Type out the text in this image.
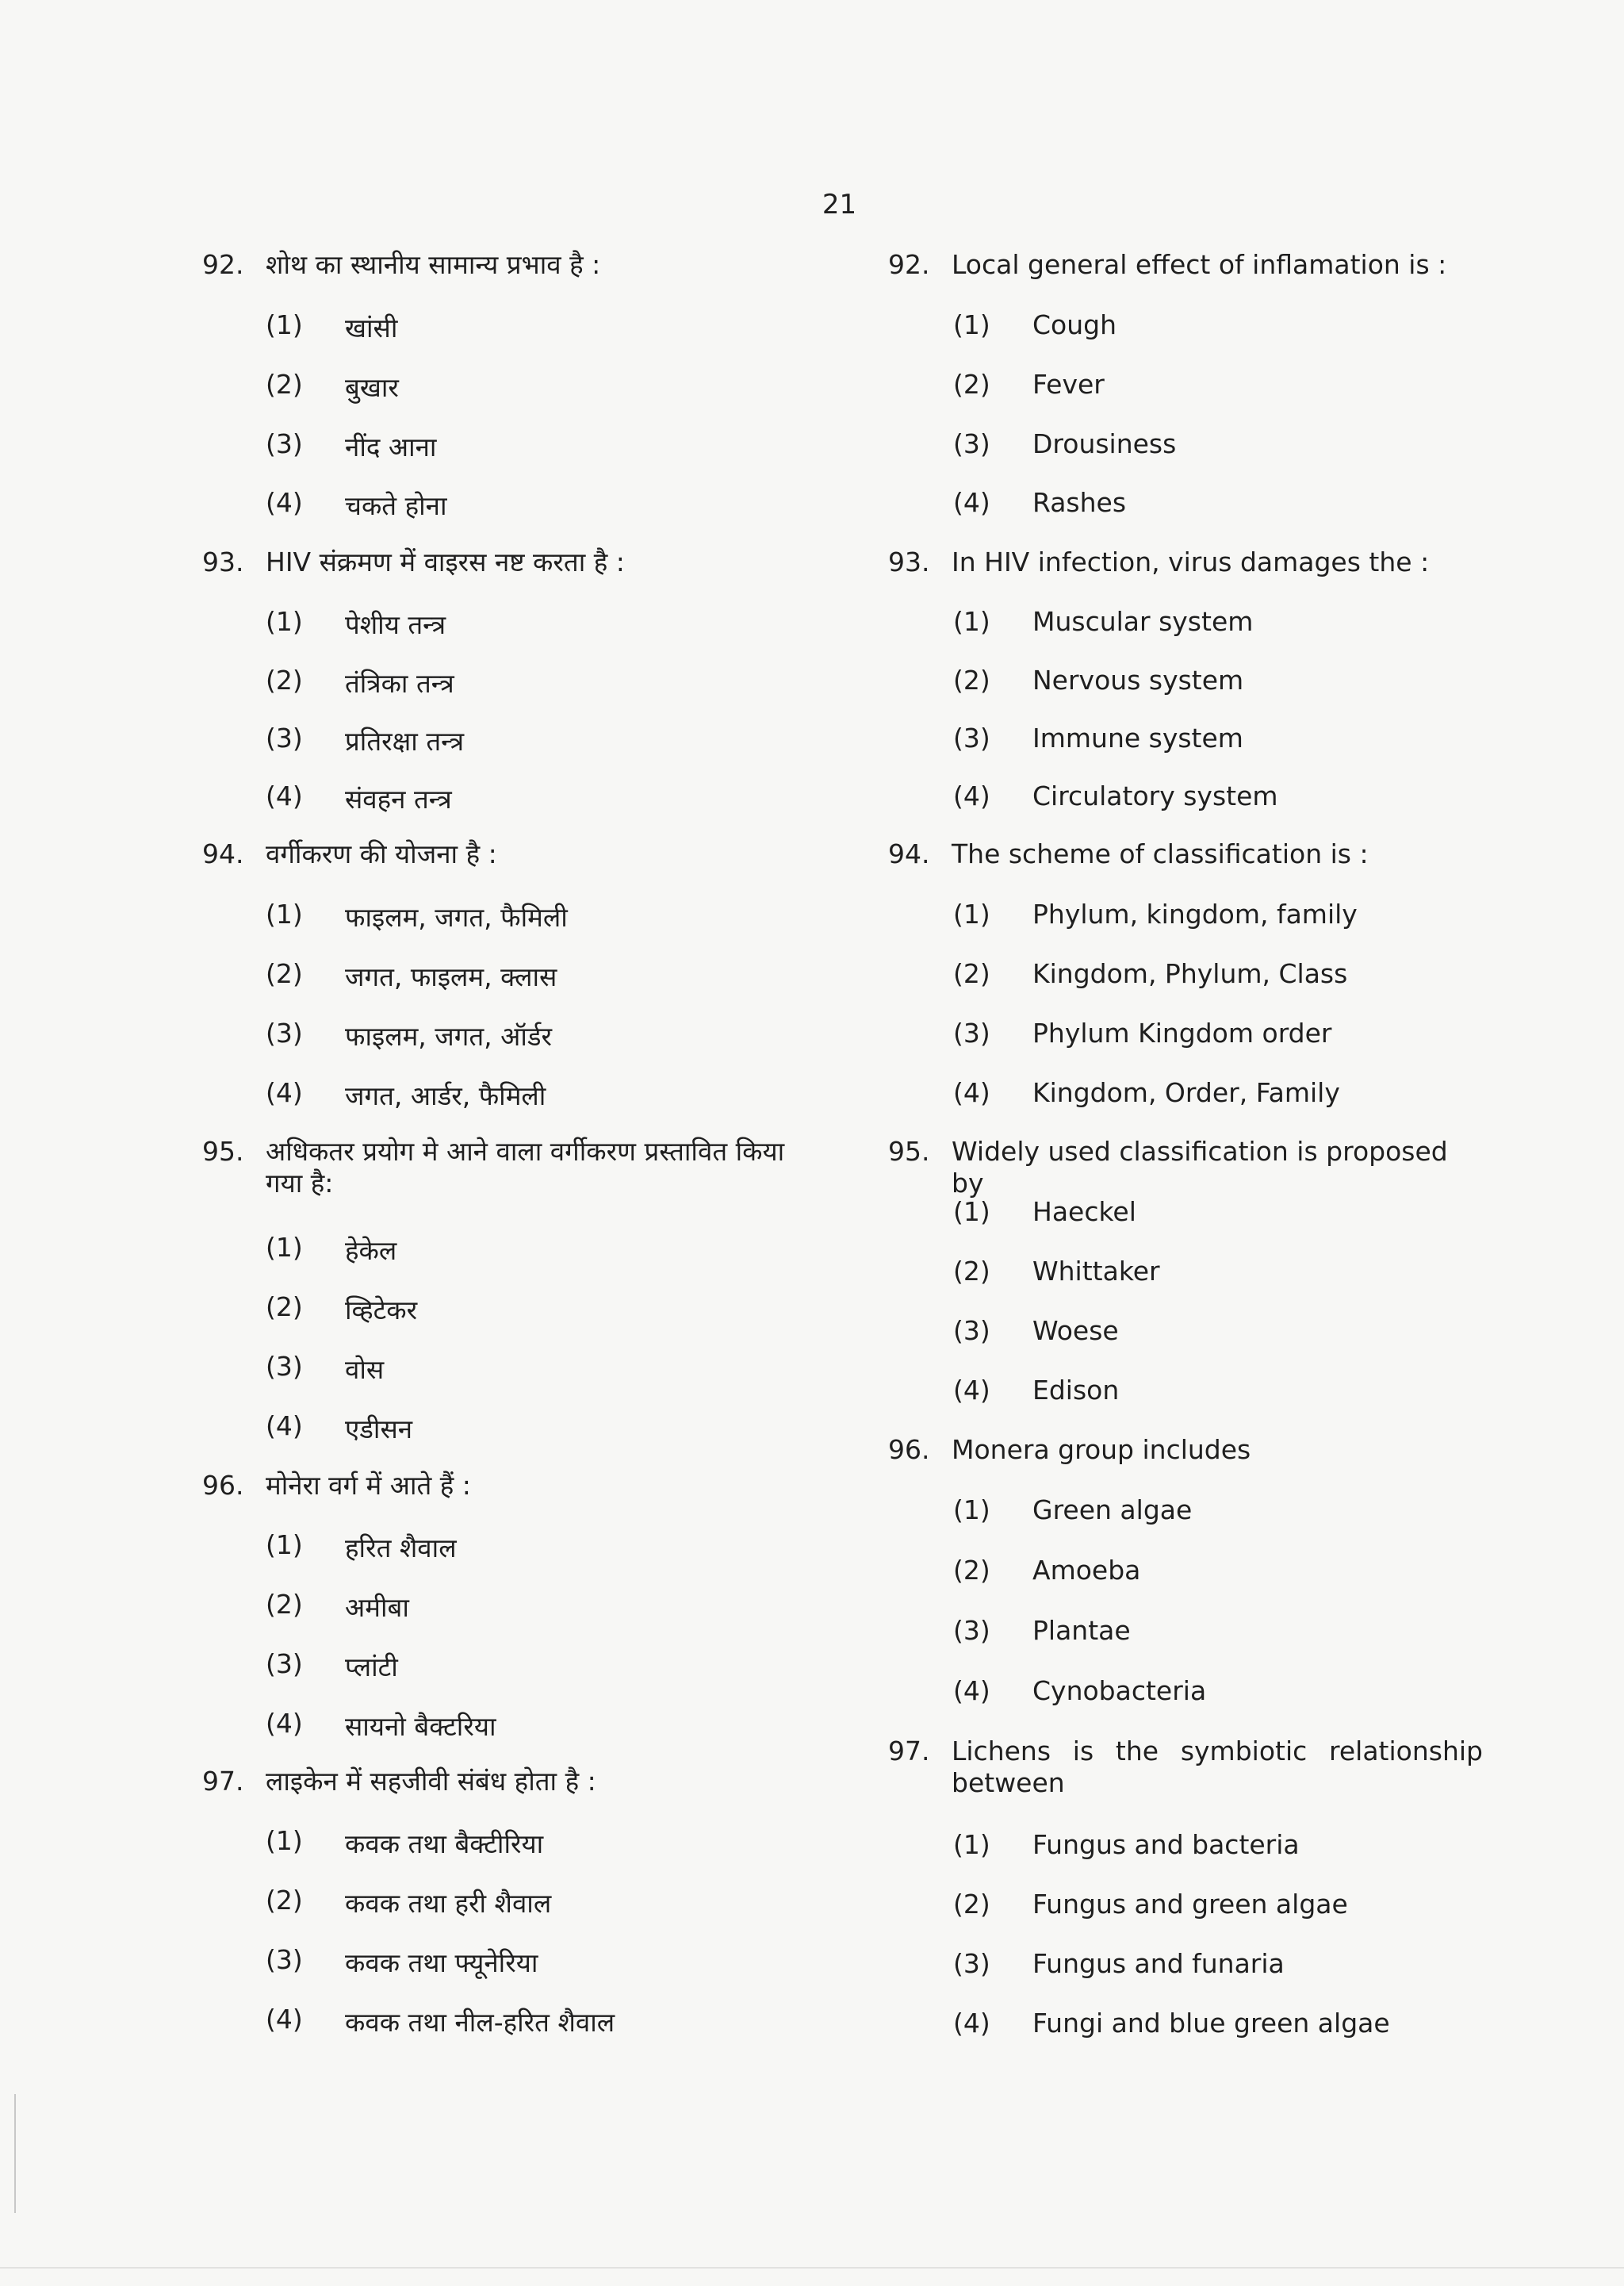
21
92. शोथ का स्थानीय सामान्य प्रभाव है :
(1) खांसी
(2) बुखार
(3) नींद आना
(4) चकते होना
93. HIV संक्रमण में वाइरस नष्ट करता है :
(1) पेशीय तन्त्र
(2) तंत्रिका तन्त्र
(3) प्रतिरक्षा तन्त्र
(4) संवहन तन्त्र
94. वर्गीकरण की योजना है :
(1) फाइलम, जगत, फैमिली
(2) जगत, फाइलम, क्लास
(3) फाइलम, जगत, ऑर्डर
(4) जगत, आर्डर, फैमिली
95. अधिकतर प्रयोग मे आने वाला वर्गीकरण प्रस्तावित किया गया है:
(1) हेकेल
(2) व्हिटेकर
(3) वोस
(4) एडीसन
96. मोनेरा वर्ग में आते हैं :
(1) हरित शैवाल
(2) अमीबा
(3) प्लांटी
(4) सायनो बैक्टरिया
97. लाइकेन में सहजीवी संबंध होता है :
(1) कवक तथा बैक्टीरिया
(2) कवक तथा हरी शैवाल
(3) कवक तथा फ्यूनेरिया
(4) कवक तथा नील-हरित शैवाल
92. Local general effect of inflamation is :
(1) Cough
(2) Fever
(3) Drousiness
(4) Rashes
93. In HIV infection, virus damages the :
(1) Muscular system
(2) Nervous system
(3) Immune system
(4) Circulatory system
94. The scheme of classification is :
(1) Phylum, kingdom, family
(2) Kingdom, Phylum, Class
(3) Phylum Kingdom order
(4) Kingdom, Order, Family
95. Widely used classification is proposed by
(1) Haeckel
(2) Whittaker
(3) Woese
(4) Edison
96. Monera group includes
(1) Green algae
(2) Amoeba
(3) Plantae
(4) Cynobacteria
97. Lichens is the symbiotic relationship between
(1) Fungus and bacteria
(2) Fungus and green algae
(3) Fungus and funaria
(4) Fungi and blue green algae
